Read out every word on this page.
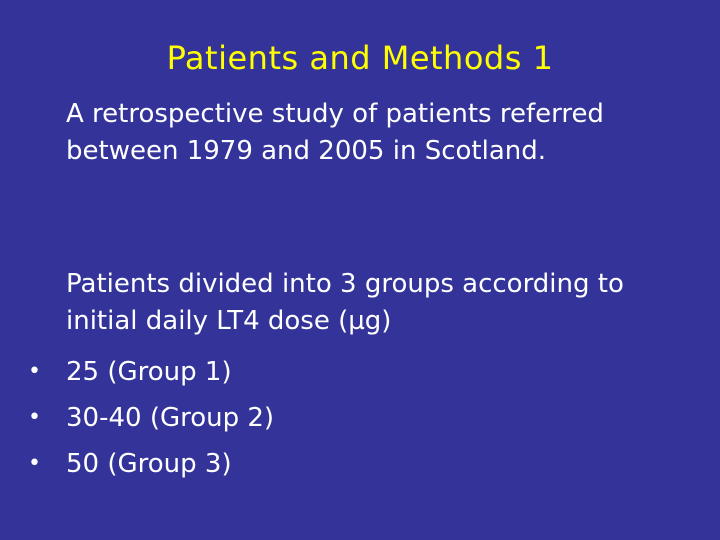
Patients and Methods 1
A retrospective study of patients referred between 1979 and 2005 in Scotland.
Patients divided into 3 groups according to initial daily LT4 dose (µg)
• 25 (Group 1)
• 30-40 (Group 2)
• 50 (Group 3)
